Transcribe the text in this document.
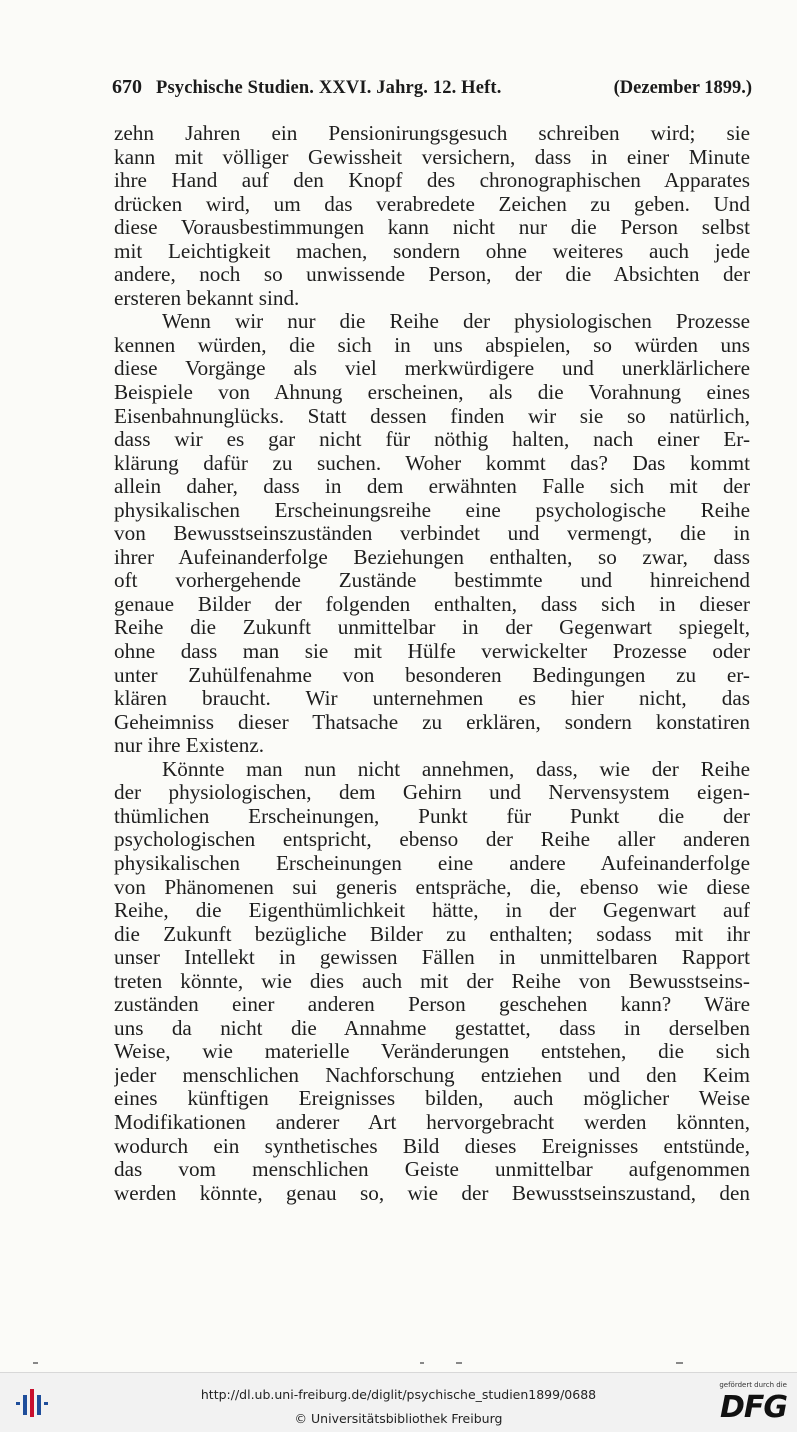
670 Psychische Studien. XXVI. Jahrg. 12. Heft.	(Dezember 1899.)
zehn Jahren ein Pensionirungsgesuch schreiben wird; sie
kann mit völliger Gewissheit versichern, dass in einer Minute
ihre Hand auf den Knopf des chronographischen Apparates
drücken wird, um das verabredete Zeichen zu geben. Und
diese Vorausbestimmungen kann nicht nur die Person selbst
mit Leichtigkeit machen, sondern ohne weiteres auch jede
andere, noch so unwissende Person, der die Absichten der
ersteren bekannt sind.
Wenn wir nur die Reihe der physiologischen Prozesse
kennen würden, die sich in uns abspielen, so würden uns
diese Vorgänge als viel merkwürdigere und unerklärlichere
Beispiele von Ahnung erscheinen, als die Vorahnung eines
Eisenbahnunglücks. Statt dessen finden wir sie so natürlich,
dass wir es gar nicht für nöthig halten, nach einer Er-
klärung dafür zu suchen. Woher kommt das? Das kommt
allein daher, dass in dem erwähnten Falle sich mit der
physikalischen Erscheinungsreihe eine psychologische Reihe
von Bewusstseinszuständen verbindet und vermengt, die in
ihrer Aufeinanderfolge Beziehungen enthalten, so zwar, dass
oft vorhergehende Zustände bestimmte und hinreichend
genaue Bilder der folgenden enthalten, dass sich in dieser
Reihe die Zukunft unmittelbar in der Gegenwart spiegelt,
ohne dass man sie mit Hülfe verwickelter Prozesse oder
unter Zuhülfenahme von besonderen Bedingungen zu er-
klären braucht. Wir unternehmen es hier nicht, das
Geheimniss dieser Thatsache zu erklären, sondern konstatiren
nur ihre Existenz.
Könnte man nun nicht annehmen, dass, wie der Reihe
der physiologischen, dem Gehirn und Nervensystem eigen-
thümlichen Erscheinungen, Punkt für Punkt die der
psychologischen entspricht, ebenso der Reihe aller anderen
physikalischen Erscheinungen eine andere Aufeinanderfolge
von Phänomenen sui generis entspräche, die, ebenso wie diese
Reihe, die Eigenthümlichkeit hätte, in der Gegenwart auf
die Zukunft bezügliche Bilder zu enthalten; sodass mit ihr
unser Intellekt in gewissen Fällen in unmittelbaren Rapport
treten könnte, wie dies auch mit der Reihe von Bewusstseins-
zuständen einer anderen Person geschehen kann? Wäre
uns da nicht die Annahme gestattet, dass in derselben
Weise, wie materielle Veränderungen entstehen, die sich
jeder menschlichen Nachforschung entziehen und den Keim
eines künftigen Ereignisses bilden, auch möglicher Weise
Modifikationen anderer Art hervorgebracht werden könnten,
wodurch ein synthetisches Bild dieses Ereignisses entstünde,
das vom menschlichen Geiste unmittelbar aufgenommen
werden könnte, genau so, wie der Bewusstseinszustand, den
http://dl.ub.uni-freiburg.de/diglit/psychische_studien1899/0688
© Universitätsbibliothek Freiburg
gefördert durch die
DFG
